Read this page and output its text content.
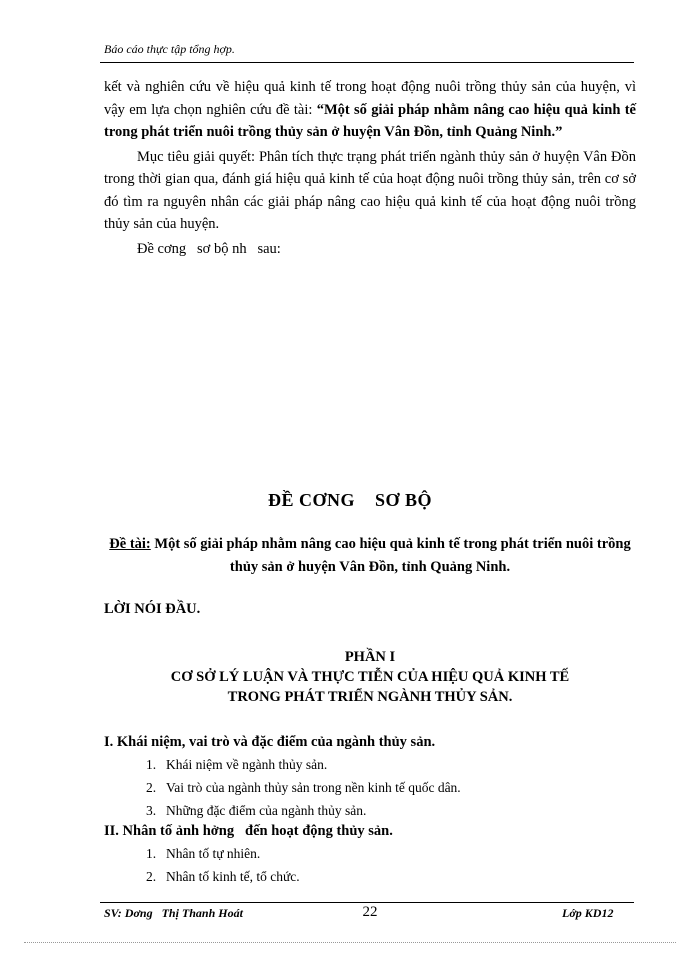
Báo cáo thực tập tổng hợp.

kết và nghiên cứu về hiệu quả kinh tế trong hoạt động nuôi trồng thủy sản của huyện, vì vậy em lựa chọn nghiên cứu đề tài: “Một số giải pháp nhằm nâng cao hiệu quả kinh tế trong phát triển nuôi trồng thủy sản ở huyện Vân Đồn, tỉnh Quảng Ninh.”

Mục tiêu giải quyết: Phân tích thực trạng phát triển ngành thủy sản ở huyện Vân Đồn trong thời gian qua, đánh giá hiệu quả kinh tế của hoạt động nuôi trồng thủy sản, trên cơ sở đó tìm ra nguyên nhân các giải pháp nâng cao hiệu quả kinh tế của hoạt động nuôi trồng thủy sản của huyện.

Đề cơng   sơ bộ nh   sau:

ĐỀ CƠNG    SƠ BỘ
Đề tài: Một số giải pháp nhằm nâng cao hiệu quả kinh tế trong phát triển nuôi trồng thủy sản ở huyện Vân Đồn, tỉnh Quảng Ninh.
LỜI NÓI ĐẦU.
PHẦN I
CƠ SỞ LÝ LUẬN VÀ THỰC TIỄN CỦA HIỆU QUẢ KINH TẾ
TRONG PHÁT TRIỂN NGÀNH THỦY SẢN.
I. Khái niệm, vai trò và đặc điểm của ngành thủy sản.
1. Khái niệm về ngành thủy sản.
2. Vai trò của ngành thủy sản trong nền kinh tế quốc dân.
3. Những đặc điểm của ngành thủy sản.
II. Nhân tố ảnh hởng   đến hoạt động thủy sản.
1. Nhân tố tự nhiên.
2. Nhân tố kinh tế, tổ chức.
SV: Dơng   Thị Thanh Hoát	22	Lớp KD12
